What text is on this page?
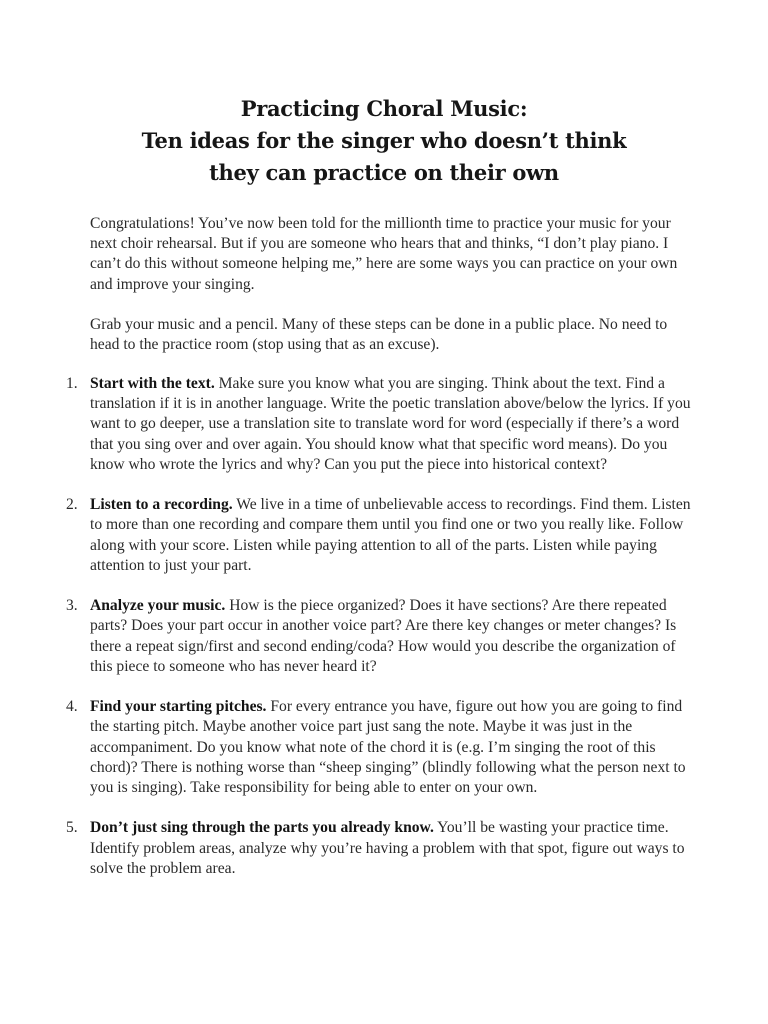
Practicing Choral Music:
Ten ideas for the singer who doesn’t think
they can practice on their own

Congratulations! You’ve now been told for the millionth time to practice your music for your next choir rehearsal. But if you are someone who hears that and thinks, “I don’t play piano. I can’t do this without someone helping me,” here are some ways you can practice on your own and improve your singing.

Grab your music and a pencil. Many of these steps can be done in a public place. No need to head to the practice room (stop using that as an excuse).

1. Start with the text. Make sure you know what you are singing. Think about the text. Find a translation if it is in another language. Write the poetic translation above/below the lyrics. If you want to go deeper, use a translation site to translate word for word (especially if there’s a word that you sing over and over again. You should know what that specific word means). Do you know who wrote the lyrics and why? Can you put the piece into historical context?
2. Listen to a recording. We live in a time of unbelievable access to recordings. Find them. Listen to more than one recording and compare them until you find one or two you really like. Follow along with your score. Listen while paying attention to all of the parts. Listen while paying attention to just your part.
3. Analyze your music. How is the piece organized? Does it have sections? Are there repeated parts? Does your part occur in another voice part? Are there key changes or meter changes? Is there a repeat sign/first and second ending/coda? How would you describe the organization of this piece to someone who has never heard it?
4. Find your starting pitches. For every entrance you have, figure out how you are going to find the starting pitch. Maybe another voice part just sang the note. Maybe it was just in the accompaniment. Do you know what note of the chord it is (e.g. I’m singing the root of this chord)? There is nothing worse than “sheep singing” (blindly following what the person next to you is singing). Take responsibility for being able to enter on your own.
5. Don’t just sing through the parts you already know. You’ll be wasting your practice time. Identify problem areas, analyze why you’re having a problem with that spot, figure out ways to solve the problem area.
